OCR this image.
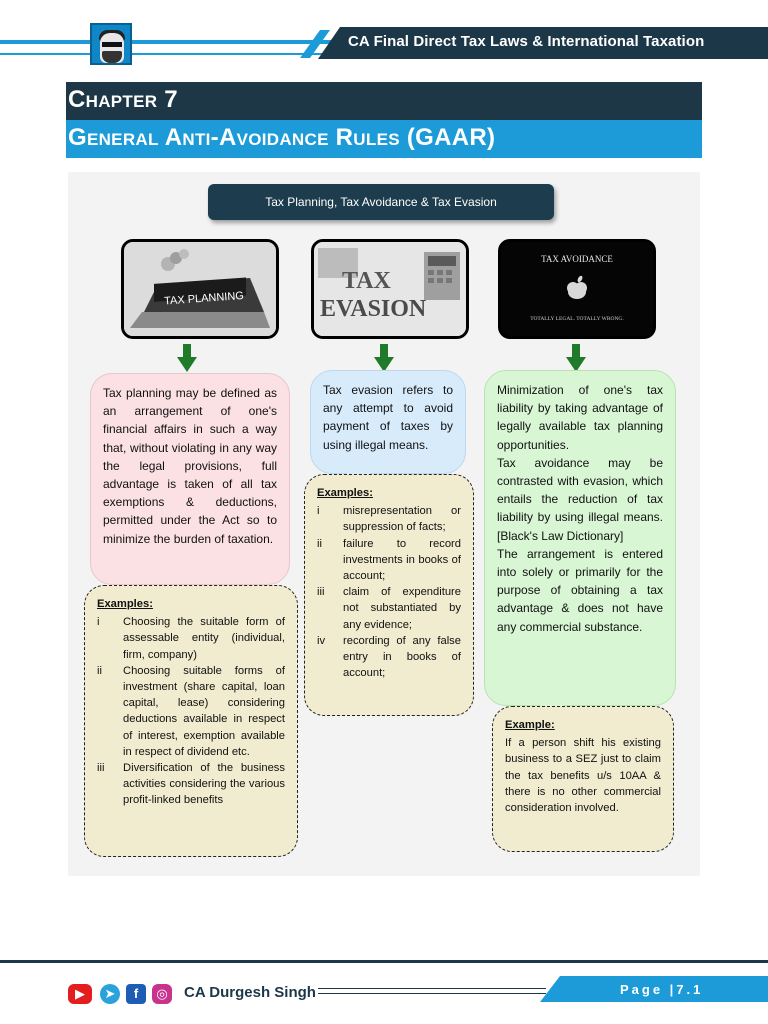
CA Final Direct Tax Laws & International Taxation
Chapter 7
General Anti-Avoidance Rules (GAAR)
Tax Planning, Tax Avoidance & Tax Evasion
TAX PLANNING
TAX
EVASION
TAX AVOIDANCE
TOTALLY LEGAL. TOTALLY WRONG.

Tax planning may be defined as an arrangement of one's financial affairs in such a way that, without violating in any way the legal provisions, full advantage is taken of all tax exemptions & deductions, permitted under the Act so to minimize the burden of taxation.

Examples:
i	Choosing the suitable form of assessable entity (individual, firm, company)
ii	Choosing suitable forms of investment (share capital, loan capital, lease) considering deductions available in respect of interest, exemption available in respect of dividend etc.
iii	Diversification of the business activities considering the various profit-linked benefits

Tax evasion refers to any attempt to avoid payment of taxes by using illegal means.

Examples:
i	misrepresentation or suppression of facts;
ii	failure to record investments in books of account;
iii	claim of expenditure not substantiated by any evidence;
iv	recording of any false entry in books of account;

Minimization of one's tax liability by taking advantage of legally available tax planning opportunities.

Tax avoidance may be contrasted with evasion, which entails the reduction of tax liability by using illegal means. [Black's Law Dictionary]

The arrangement is entered into solely or primarily for the purpose of obtaining a tax advantage & does not have any commercial substance.

Example:
If a person shift his existing business to a SEZ just to claim the tax benefits u/s 10AA & there is no other commercial consideration involved.
▶	➤	f	◎ CA Durgesh Singh	Page |7.1
